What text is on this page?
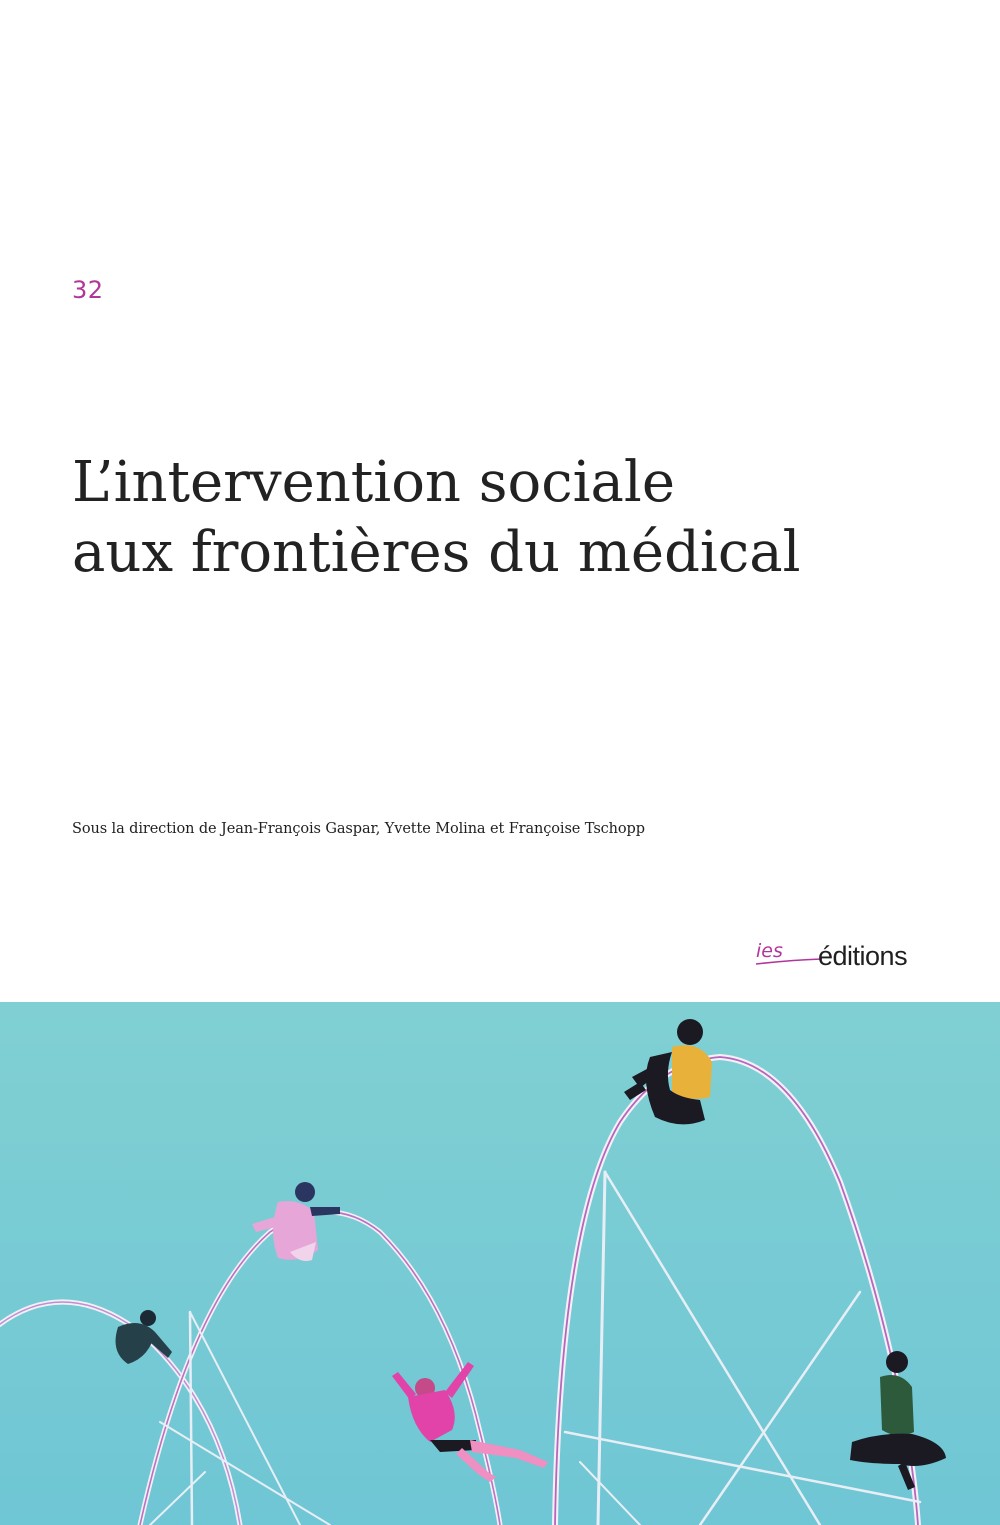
32
L’intervention sociale
aux frontières du médical
Sous la direction de Jean-François Gaspar, Yvette Molina et Françoise Tschopp
ies éditions
